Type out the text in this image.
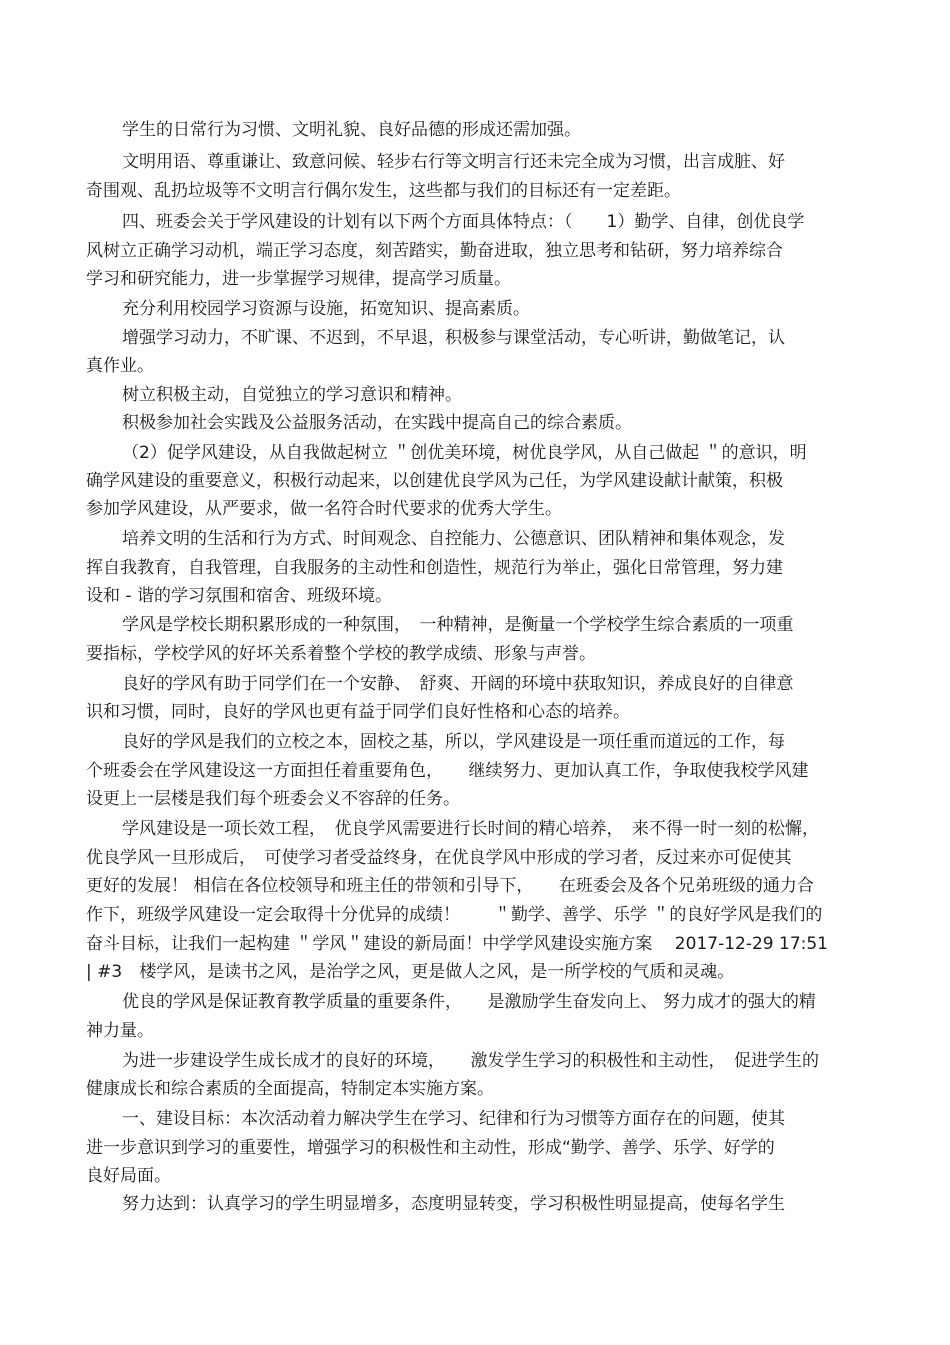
学生的日常行为习惯、文明礼貌、良好品德的形成还需加强。
文明用语、尊重谦让、致意问候、轻步右行等文明言行还未完全成为习惯，出言成脏、好
奇围观、乱扔垃圾等不文明言行偶尔发生，这些都与我们的目标还有一定差距。
四、班委会关于学风建设的计划有以下两个方面具体特点：（　　1）勤学、自律，创优良学
风树立正确学习动机，端正学习态度，刻苦踏实，勤奋进取，独立思考和钻研，努力培养综合
学习和研究能力，进一步掌握学习规律，提高学习质量。
充分利用校园学习资源与设施，拓宽知识、提高素质。
增强学习动力，不旷课、不迟到，不早退，积极参与课堂活动，专心听讲，勤做笔记，认
真作业。
树立积极主动，自觉独立的学习意识和精神。
积极参加社会实践及公益服务活动，在实践中提高自己的综合素质。
（2）促学风建设，从自我做起树立 ＂创优美环境，树优良学风，从自己做起 ＂的意识，明
确学风建设的重要意义，积极行动起来，以创建优良学风为己任，为学风建设献计献策，积极
参加学风建设，从严要求，做一名符合时代要求的优秀大学生。
培养文明的生活和行为方式、时间观念、自控能力、公德意识、团队精神和集体观念，发
挥自我教育，自我管理，自我服务的主动性和创造性，规范行为举止，强化日常管理，努力建
设和 - 谐的学习氛围和宿舍、班级环境。
学风是学校长期积累形成的一种氛围，　一种精神，是衡量一个学校学生综合素质的一项重
要指标，学校学风的好坏关系着整个学校的教学成绩、形象与声誉。
良好的学风有助于同学们在一个安静、　舒爽、开阔的环境中获取知识，养成良好的自律意
识和习惯，同时，良好的学风也更有益于同学们良好性格和心态的培养。
良好的学风是我们的立校之本，固校之基，所以，学风建设是一项任重而道远的工作，每
个班委会在学风建设这一方面担任着重要角色，　　继续努力、更加认真工作，争取使我校学风建
设更上一层楼是我们每个班委会义不容辞的任务。
学风建设是一项长效工程，　优良学风需要进行长时间的精心培养，　来不得一时一刻的松懈，
优良学风一旦形成后，　可使学习者受益终身，在优良学风中形成的学习者，反过来亦可促使其
更好的发展！ 相信在各位校领导和班主任的带领和引导下，　　在班委会及各个兄弟班级的通力合
作下，班级学风建设一定会取得十分优异的成绩！　　＂勤学、善学、乐学 ＂的良好学风是我们的
奋斗目标，让我们一起构建 ＂学风＂建设的新局面！中学学风建设实施方案　 2017-12-29 17:51
| #3　楼学风，是读书之风，是治学之风，更是做人之风，是一所学校的气质和灵魂。
优良的学风是保证教育教学质量的重要条件，　　是激励学生奋发向上、 努力成才的强大的精
神力量。
为进一步建设学生成长成才的良好的环境，　　激发学生学习的积极性和主动性，　促进学生的
健康成长和综合素质的全面提高，特制定本实施方案。
一、建设目标：本次活动着力解决学生在学习、纪律和行为习惯等方面存在的问题，使其
进一步意识到学习的重要性，增强学习的积极性和主动性，形成“勤学、善学、乐学、好学的
良好局面。
努力达到：认真学习的学生明显增多，态度明显转变，学习积极性明显提高，使每名学生
